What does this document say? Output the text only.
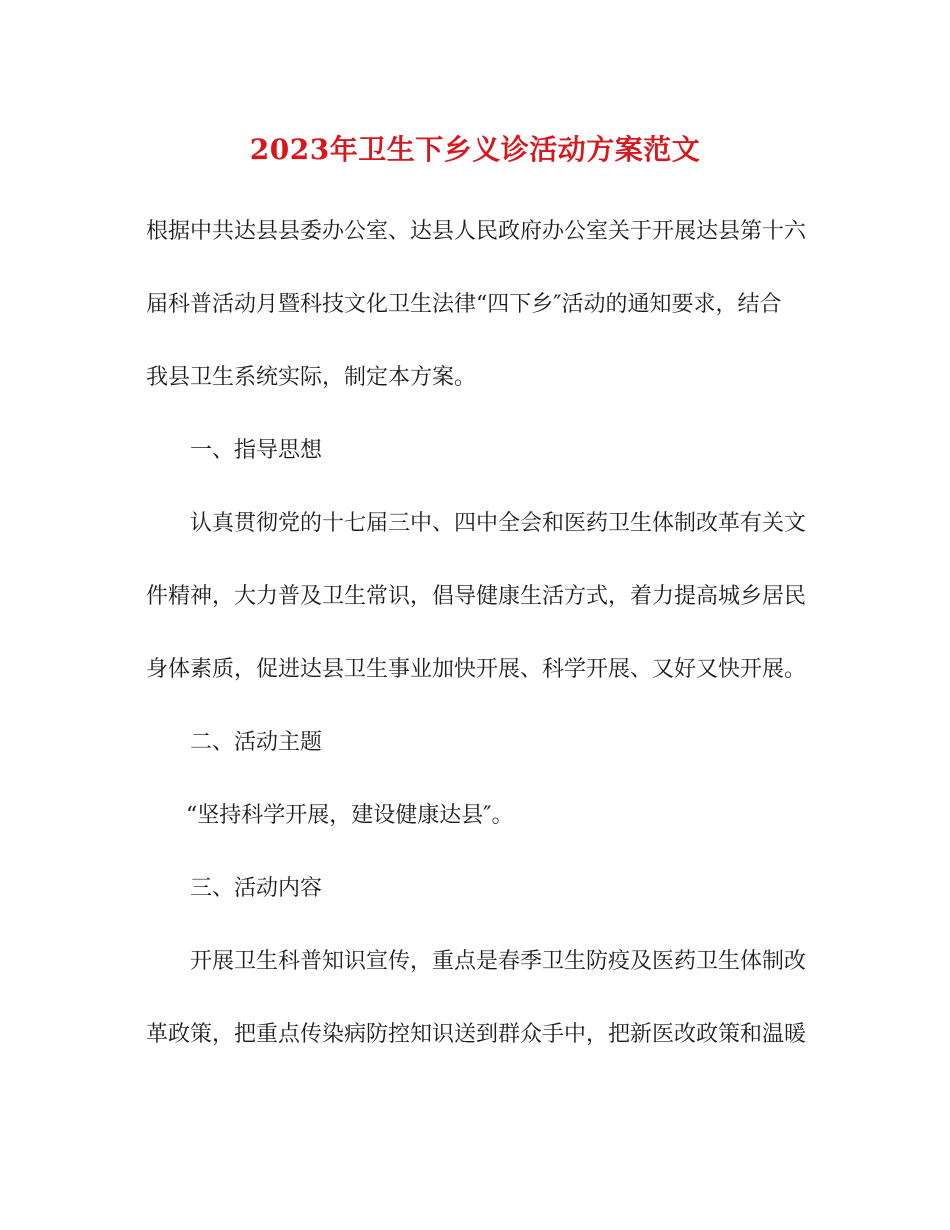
2023年卫生下乡义诊活动方案范文
根据中共达县县委办公室、达县人民政府办公室关于开展达县第十六
届科普活动月暨科技文化卫生法律“四下乡″活动的通知要求，结合
我县卫生系统实际，制定本方案。
一、指导思想
认真贯彻党的十七届三中、四中全会和医药卫生体制改革有关文
件精神，大力普及卫生常识，倡导健康生活方式，着力提高城乡居民
身体素质，促进达县卫生事业加快开展、科学开展、又好又快开展。
二、活动主题
“坚持科学开展，建设健康达县″。
三、活动内容
开展卫生科普知识宣传，重点是春季卫生防疫及医药卫生体制改
革政策，把重点传染病防控知识送到群众手中，把新医改政策和温暖
